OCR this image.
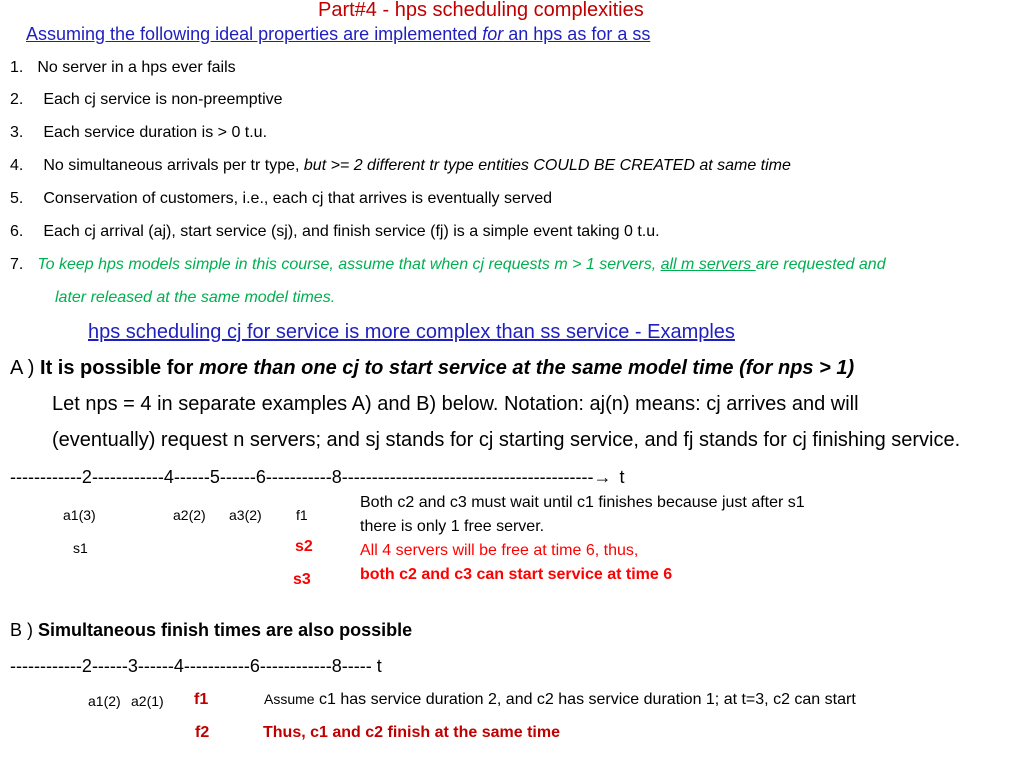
Part#4 - hps scheduling complexities
Assuming the following ideal properties are implemented for an hps as for a ss
1. No server in a hps ever fails
2. Each cj service is non-preemptive
3. Each service duration is > 0 t.u.
4. No simultaneous arrivals per tr type, but >= 2 different tr type entities COULD BE CREATED at same time
5. Conservation of customers, i.e., each cj that arrives is eventually served
6. Each cj arrival (aj), start service (sj), and finish service (fj) is a simple event taking 0 t.u.
7. To keep hps models simple in this course, assume that when cj requests m > 1 servers, all m servers are requested and
later released at the same model times.
hps scheduling cj for service is more complex than ss service - Examples
A ) It is possible for more than one cj to start service at the same model time (for nps > 1)
Let nps = 4 in separate examples A) and B) below. Notation: aj(n) means: cj arrives and will
(eventually) request n servers; and sj stands for cj starting service, and fj stands for cj finishing service.
------------2------------4------5------6-----------8------------------------------------------→ t
a1(3)	a2(2) a3(2) f1
s1	s2
s3
Both c2 and c3 must wait until c1 finishes because just after s1
there is only 1 free server.
All 4 servers will be free at time 6, thus,
both c2 and c3 can start service at time 6
B ) Simultaneous finish times are also possible
------------2------3------4-----------6------------8----- t
a1(2) a2(1) f1
f2
Assume c1 has service duration 2, and c2 has service duration 1; at t=3, c2 can start
Thus, c1 and c2 finish at the same time
